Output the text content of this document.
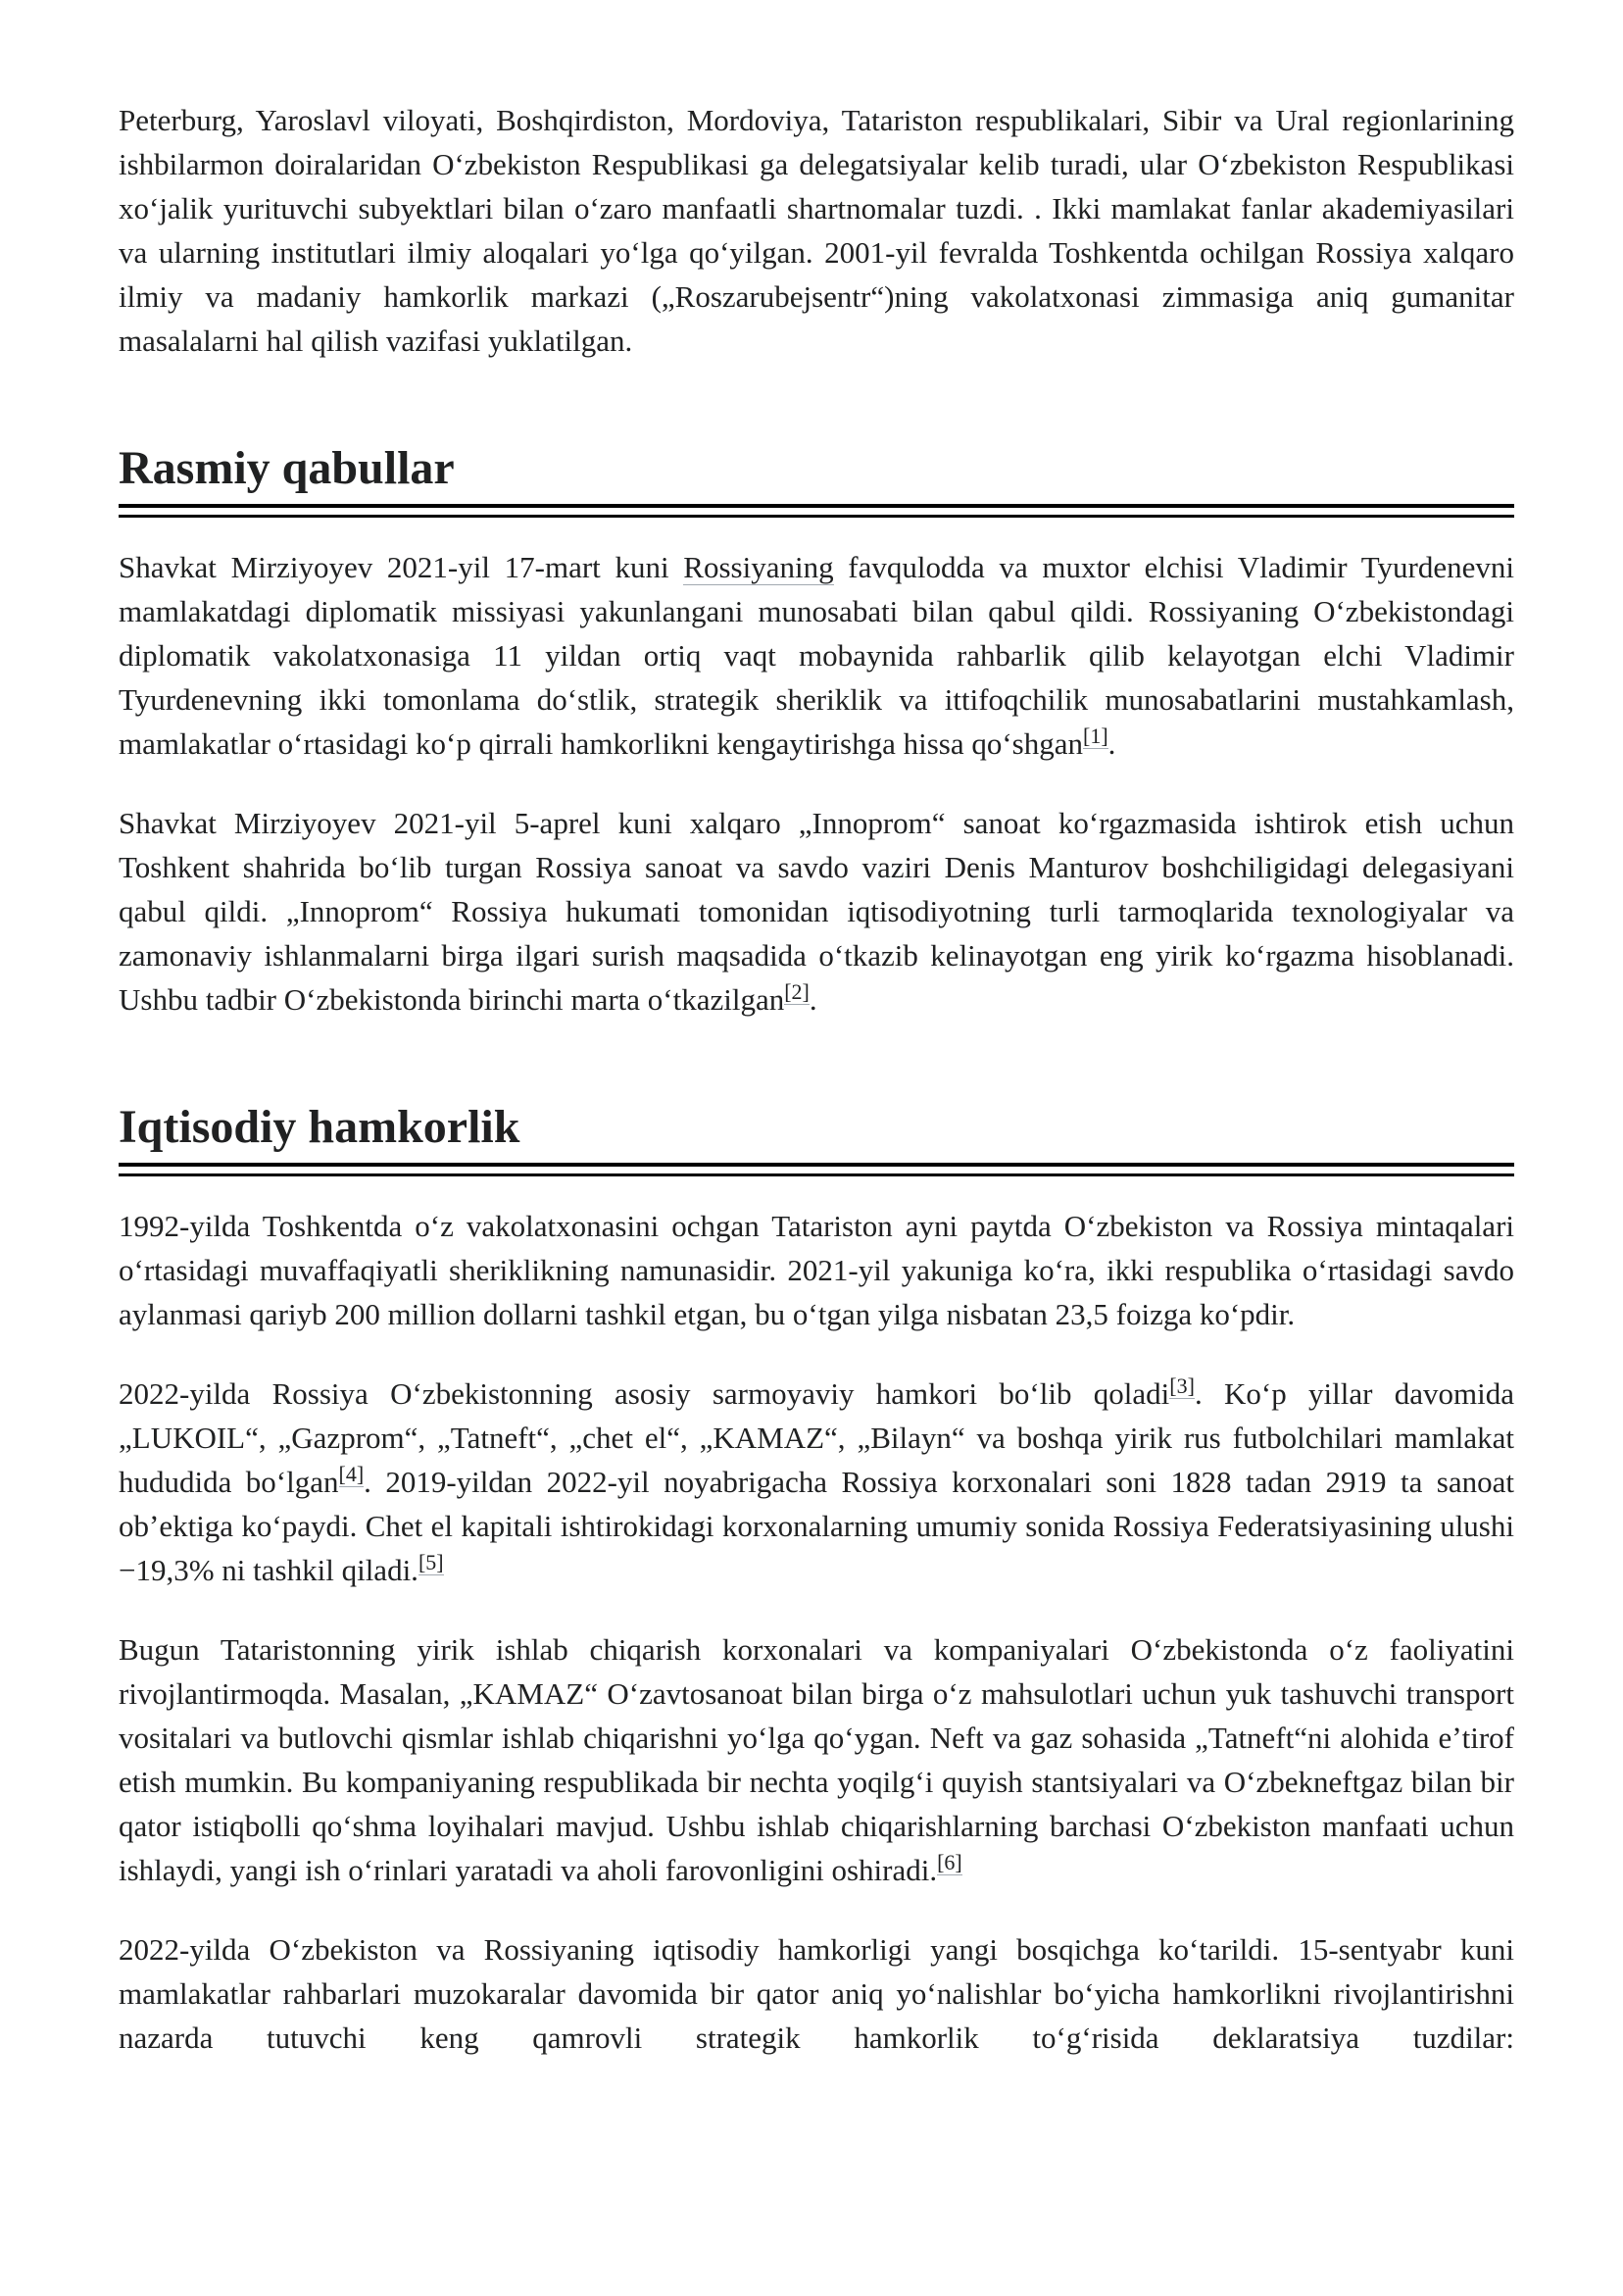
Peterburg, Yaroslavl viloyati, Boshqirdiston, Mordoviya, Tatariston respublikalari, Sibir va Ural regionlarining ishbilarmon doiralaridan Oʻzbekiston Respublikasi ga delegatsiyalar kelib turadi, ular Oʻzbekiston Respublikasi xoʻjalik yurituvchi subyektlari bilan oʻzaro manfaatli shartnomalar tuzdi. . Ikki mamlakat fanlar akademiyasilari va ularning institutlari ilmiy aloqalari yoʻlga qoʻyilgan. 2001-yil fevralda Toshkentda ochilgan Rossiya xalqaro ilmiy va madaniy hamkorlik markazi („Roszarubejsentr“)ning vakolatxonasi zimmasiga aniq gumanitar masalalarni hal qilish vazifasi yuklatilgan.

Rasmiy qabullar

Shavkat Mirziyoyev 2021-yil 17-mart kuni Rossiyaning favqulodda va muxtor elchisi Vladimir Tyurdenevni mamlakatdagi diplomatik missiyasi yakunlangani munosabati bilan qabul qildi. Rossiyaning Oʻzbekistondagi diplomatik vakolatxonasiga 11 yildan ortiq vaqt mobaynida rahbarlik qilib kelayotgan elchi Vladimir Tyurdenevning ikki tomonlama doʻstlik, strategik sheriklik va ittifoqchilik munosabatlarini mustahkamlash, mamlakatlar oʻrtasidagi koʻp qirrali hamkorlikni kengaytirishga hissa qoʻshgan[1].

Shavkat Mirziyoyev 2021-yil 5-aprel kuni xalqaro „Innoprom“ sanoat koʻrgazmasida ishtirok etish uchun Toshkent shahrida boʻlib turgan Rossiya sanoat va savdo vaziri Denis Manturov boshchiligidagi delegasiyani qabul qildi. „Innoprom“ Rossiya hukumati tomonidan iqtisodiyotning turli tarmoqlarida texnologiyalar va zamonaviy ishlanmalarni birga ilgari surish maqsadida oʻtkazib kelinayotgan eng yirik koʻrgazma hisoblanadi. Ushbu tadbir Oʻzbekistonda birinchi marta oʻtkazilgan[2].

Iqtisodiy hamkorlik

1992-yilda Toshkentda oʻz vakolatxonasini ochgan Tatariston ayni paytda Oʻzbekiston va Rossiya mintaqalari oʻrtasidagi muvaffaqiyatli sheriklikning namunasidir. 2021-yil yakuniga koʻra, ikki respublika oʻrtasidagi savdo aylanmasi qariyb 200 million dollarni tashkil etgan, bu oʻtgan yilga nisbatan 23,5 foizga koʻpdir.

2022-yilda Rossiya Oʻzbekistonning asosiy sarmoyaviy hamkori boʻlib qoladi[3]. Koʻp yillar davomida „LUKOIL“, „Gazprom“, „Tatneft“, „chet el“, „KAMAZ“, „Bilayn“ va boshqa yirik rus futbolchilari mamlakat hududida boʻlgan[4]. 2019-yildan 2022-yil noyabrigacha Rossiya korxonalari soni 1828 tadan 2919 ta sanoat obʼektiga koʻpaydi. Chet el kapitali ishtirokidagi korxonalarning umumiy sonida Rossiya Federatsiyasining ulushi −19,3% ni tashkil qiladi.[5]

Bugun Tataristonning yirik ishlab chiqarish korxonalari va kompaniyalari Oʻzbekistonda oʻz faoliyatini rivojlantirmoqda. Masalan, „KAMAZ“ Oʻzavtosanoat bilan birga oʻz mahsulotlari uchun yuk tashuvchi transport vositalari va butlovchi qismlar ishlab chiqarishni yoʻlga qoʻygan. Neft va gaz sohasida „Tatneft“ni alohida eʼtirof etish mumkin. Bu kompaniyaning respublikada bir nechta yoqilgʻi quyish stantsiyalari va Oʻzbekneftgaz bilan bir qator istiqbolli qoʻshma loyihalari mavjud. Ushbu ishlab chiqarishlarning barchasi Oʻzbekiston manfaati uchun ishlaydi, yangi ish oʻrinlari yaratadi va aholi farovonligini oshiradi.[6]

2022-yilda Oʻzbekiston va Rossiyaning iqtisodiy hamkorligi yangi bosqichga koʻtarildi. 15-sentyabr kuni mamlakatlar rahbarlari muzokaralar davomida bir qator aniq yoʻnalishlar boʻyicha hamkorlikni rivojlantirishni nazarda tutuvchi keng qamrovli strategik hamkorlik toʻgʻrisida deklaratsiya tuzdilar:
